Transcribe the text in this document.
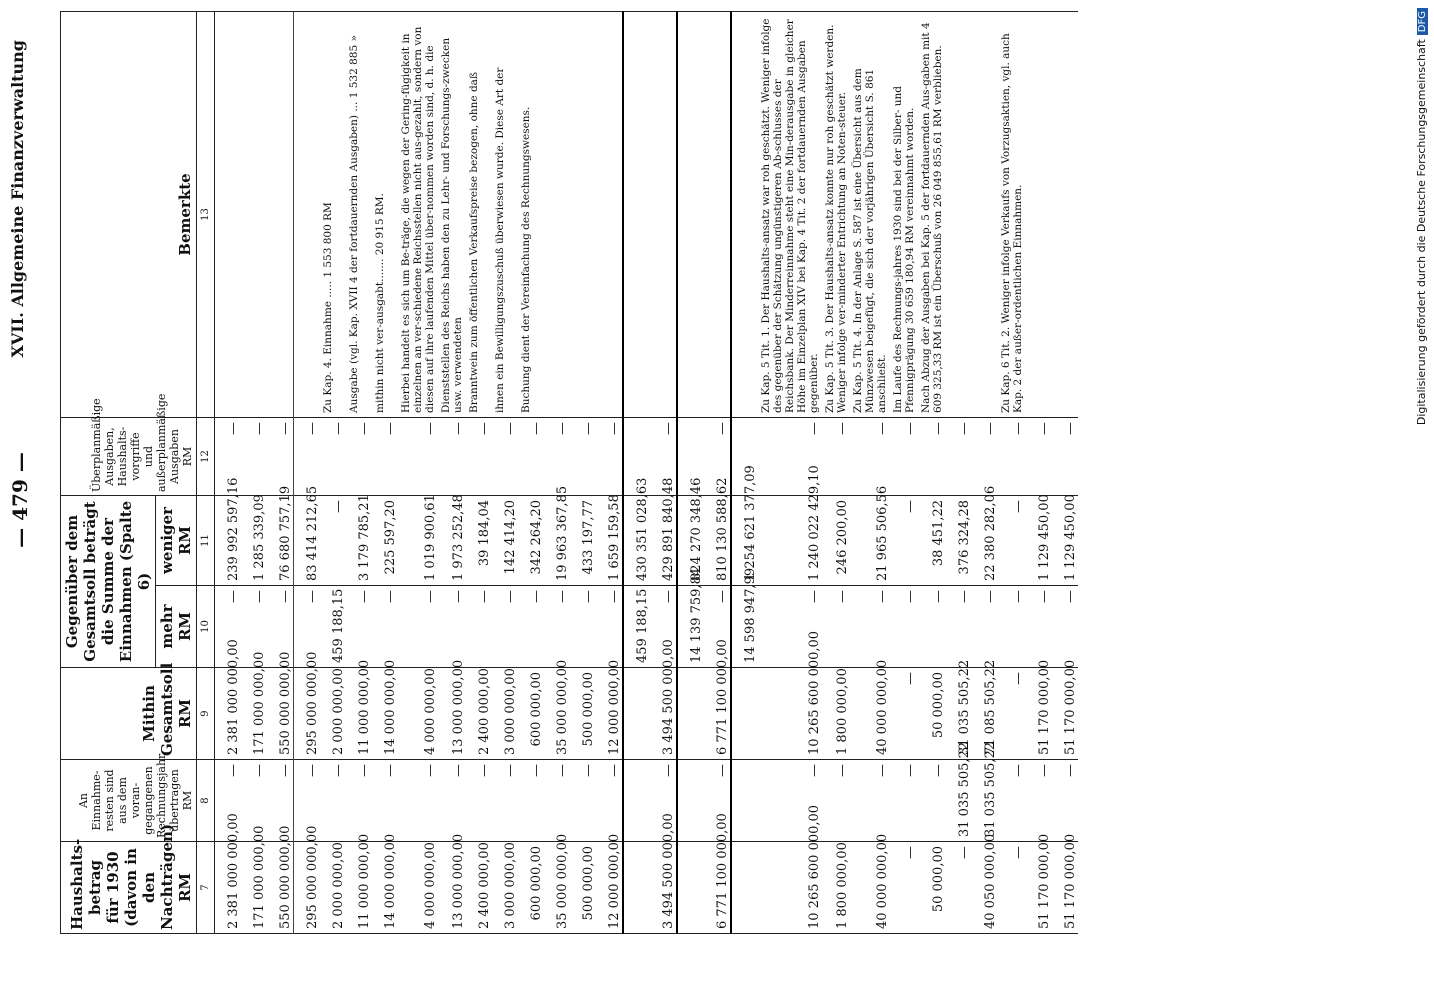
— 479 —
XVII. Allgemeine Finanzverwaltung
Haushalts-betrag für 1930 (davon in den Nachträgen) RM	An Einnahme-resten sind aus dem voran-gegangenen Rechnungsjahr übertragen RM	Mithin Gesamtsoll RM	Gegenüber dem Gesamtsoll beträgt die Summe der Einnahmen (Spalte 6)		Überplanmäßige Ausgaben, Haushalts-vorgriffe und außerplanmäßige Ausgaben RM	Bemerkte
			mehr RM	weniger RM		
7	8	9	10	11	12	13
2 381 000 000,00	—	2 381 000 000,00	—	239 992 597,16	—	
171 000 000,00	—	171 000 000,00	—	1 285 339,09	—	
550 000 000,00	—	550 000 000,00	—	76 680 757,19	—	
295 000 000,00	—	295 000 000,00	—	83 414 212,65	—	
2 000 000,00	—	2 000 000,00	459 188,15	—	—	Zu Kap. 4. Einnahme ..... 1 553 800 RM
11 000 000,00	—	11 000 000,00	—	3 179 785,21	—	Ausgabe (vgl. Kap. XVII 4 der fortdauernden Ausgaben) ... 1 532 885 »
14 000 000,00	—	14 000 000,00	—	225 597,20	—	mithin nicht ver-ausgabt....... 20 915 RM.
4 000 000,00	—	4 000 000,00	—	1 019 900,61	—	Hierbei handelt es sich um Be-träge, die wegen der Gering-fügigkeit in einzelnen an ver-schiedene Reichsstellen nicht aus-gezahlt, sondern von diesen auf ihre laufenden Mittel über-nommen worden sind, d. h. die
13 000 000,00	—	13 000 000,00	—	1 973 252,48	—	Dienststellen des Reichs haben den zu Lehr- und Forschungs-zwecken usw. verwendeten
2 400 000,00	—	2 400 000,00	—	39 184,04	—	Branntwein zum öffentlichen Verkaufspreise bezogen, ohne daß
3 000 000,00	—	3 000 000,00	—	142 414,20	—	ihnen ein Bewilligungszuschuß überwiesen wurde. Diese Art der
600 000,00	—	600 000,00	—	342 264,20	—	Buchung dient der Vereinfachung des Rechnungswesens.
35 000 000,00	—	35 000 000,00	—	19 963 367,85	—	
500 000,00	—	500 000,00	—	433 197,77	—	
12 000 000,00	—	12 000 000,00	—	1 659 159,58	—	
			459 188,15	430 351 028,63		
3 494 500 000,00	—	3 494 500 000,00	—	429 891 840,48	—	
			14 139 759,84	824 270 348,46		
6 771 100 000,00	—	6 771 100 000,00	—	810 130 588,62	—	
			14 598 947,99	1 254 621 377,09		
10 265 600 000,00	—	10 265 600 000,00	—	1 240 022 429,10	—	Zu Kap. 5 Tit. 1. Der Haushalts-ansatz war roh geschätzt. Weniger infolge des gegenüber der Schätzung ungünstigeren Ab-schlusses der Reichsbank. Der Minderreinnahme steht eine Min-derausgabe in gleicher Höhe im Einzelplan XIV bei Kap. 4 Tit. 2 der fortdauernden Ausgaben gegenüber.
1 800 000,00	—	1 800 000,00	—	246 200,00	—	Zu Kap. 5 Tit. 3. Der Haushalts-ansatz konnte nur roh geschätzt werden. Weniger infolge ver-minderter Entrichtung an Noten-steuer.
40 000 000,00	—	40 000 000,00	—	21 965 506,56	—	Zu Kap. 5 Tit. 4. In der Anlage S. 587 ist eine Übersicht aus dem Münzwesen beigefügt, die sich der vorjährigen Übersicht S. 861 anschließt.
—	—	—	—	—	—	Im Laufe des Rechnungs-jahres 1930 sind bei der Silber- und Pfennigprägung 30 659 180,94 RM vereinnahmt worden.
50 000,00	—	50 000,00	—	38 451,22	—	Nach Abzug der Ausgaben bei Kap. 5 der fortdauernden Aus-gaben mit 4 609 325,33 RM ist ein Überschuß von 26 049 855,61 RM verblieben.
—	31 035 505,22	31 035 505,22	—	376 324,28	—	
40 050 000,00	31 035 505,22	71 085 505,22	—	22 380 282,06	—	
—	—	—	—	—	—	Zu Kap. 6 Tit. 2. Weniger infolge Verkaufs von Vorzugsaktien, vgl. auch Kap. 2 der außer-ordentlichen Einnahmen.
51 170 000,00	—	51 170 000,00	—	1 129 450,00	—	
51 170 000,00	—	51 170 000,00	—	1 129 450,00	—	
Digitalisierung gefördert durch die Deutsche ForschungsgemeinschaftDFG
